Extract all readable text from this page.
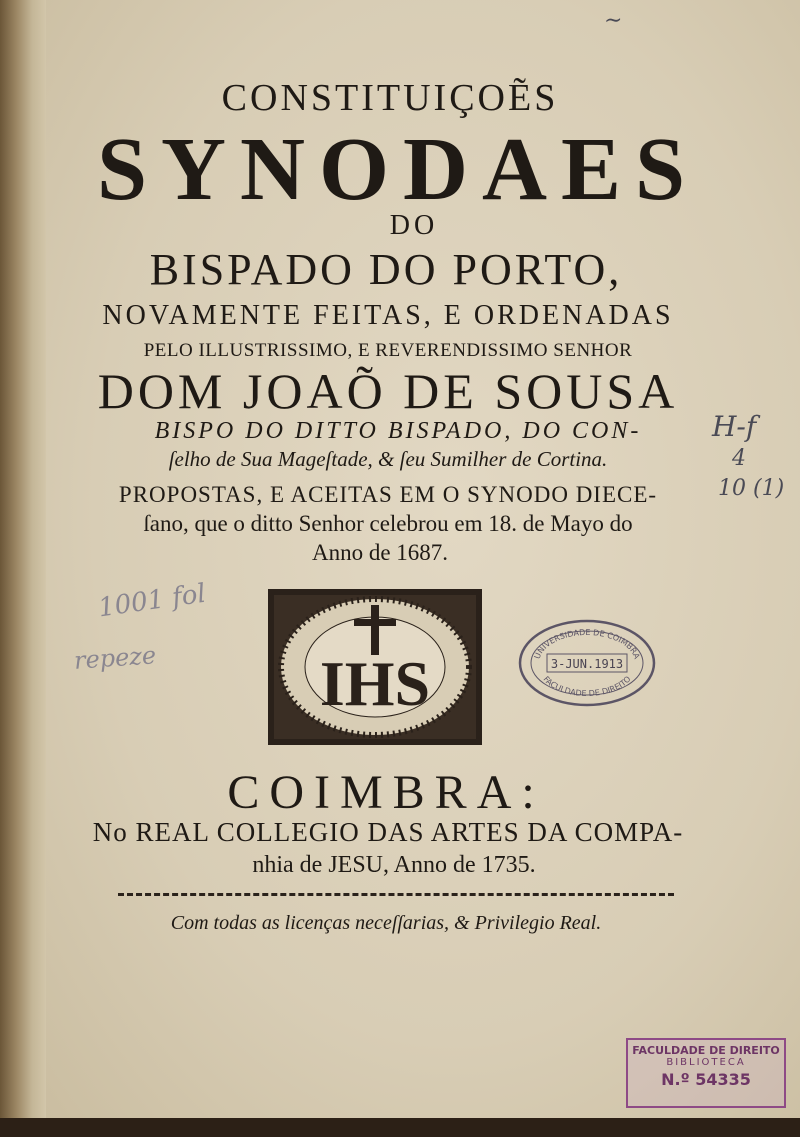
CONSTITUIÇOẼS
SYNODAES
DO
BISPADO DO PORTO,
NOVAMENTE FEITAS, E ORDENADAS
PELO ILLUSTRISSIMO, E REVERENDISSIMO SENHOR
DOM JOAÕ DE SOUSA
BISPO DO DITTO BISPADO, DO CON-
ſelho de Sua Mageſtade, & ſeu Sumilher de Cortina.
PROPOSTAS, E ACEITAS EM O SYNODO DIECE-
ſano, que o ditto Senhor celebrou em 18. de Mayo do
Anno de 1687.
IHS
COIMBRA:
No REAL COLLEGIO DAS ARTES DA COMPA-
nhia de JESU, Anno de 1735.
Com todas as licenças neceſſarias, & Privilegio Real.
UNIVERSIDADE DE COIMBRA
3-JUN.1913
FACULDADE DE DIREITO
FACULDADE DE DIREITO
BIBLIOTECA
N.º 54335
~
H-f
4
10 (1)
1001 fol
repeze
